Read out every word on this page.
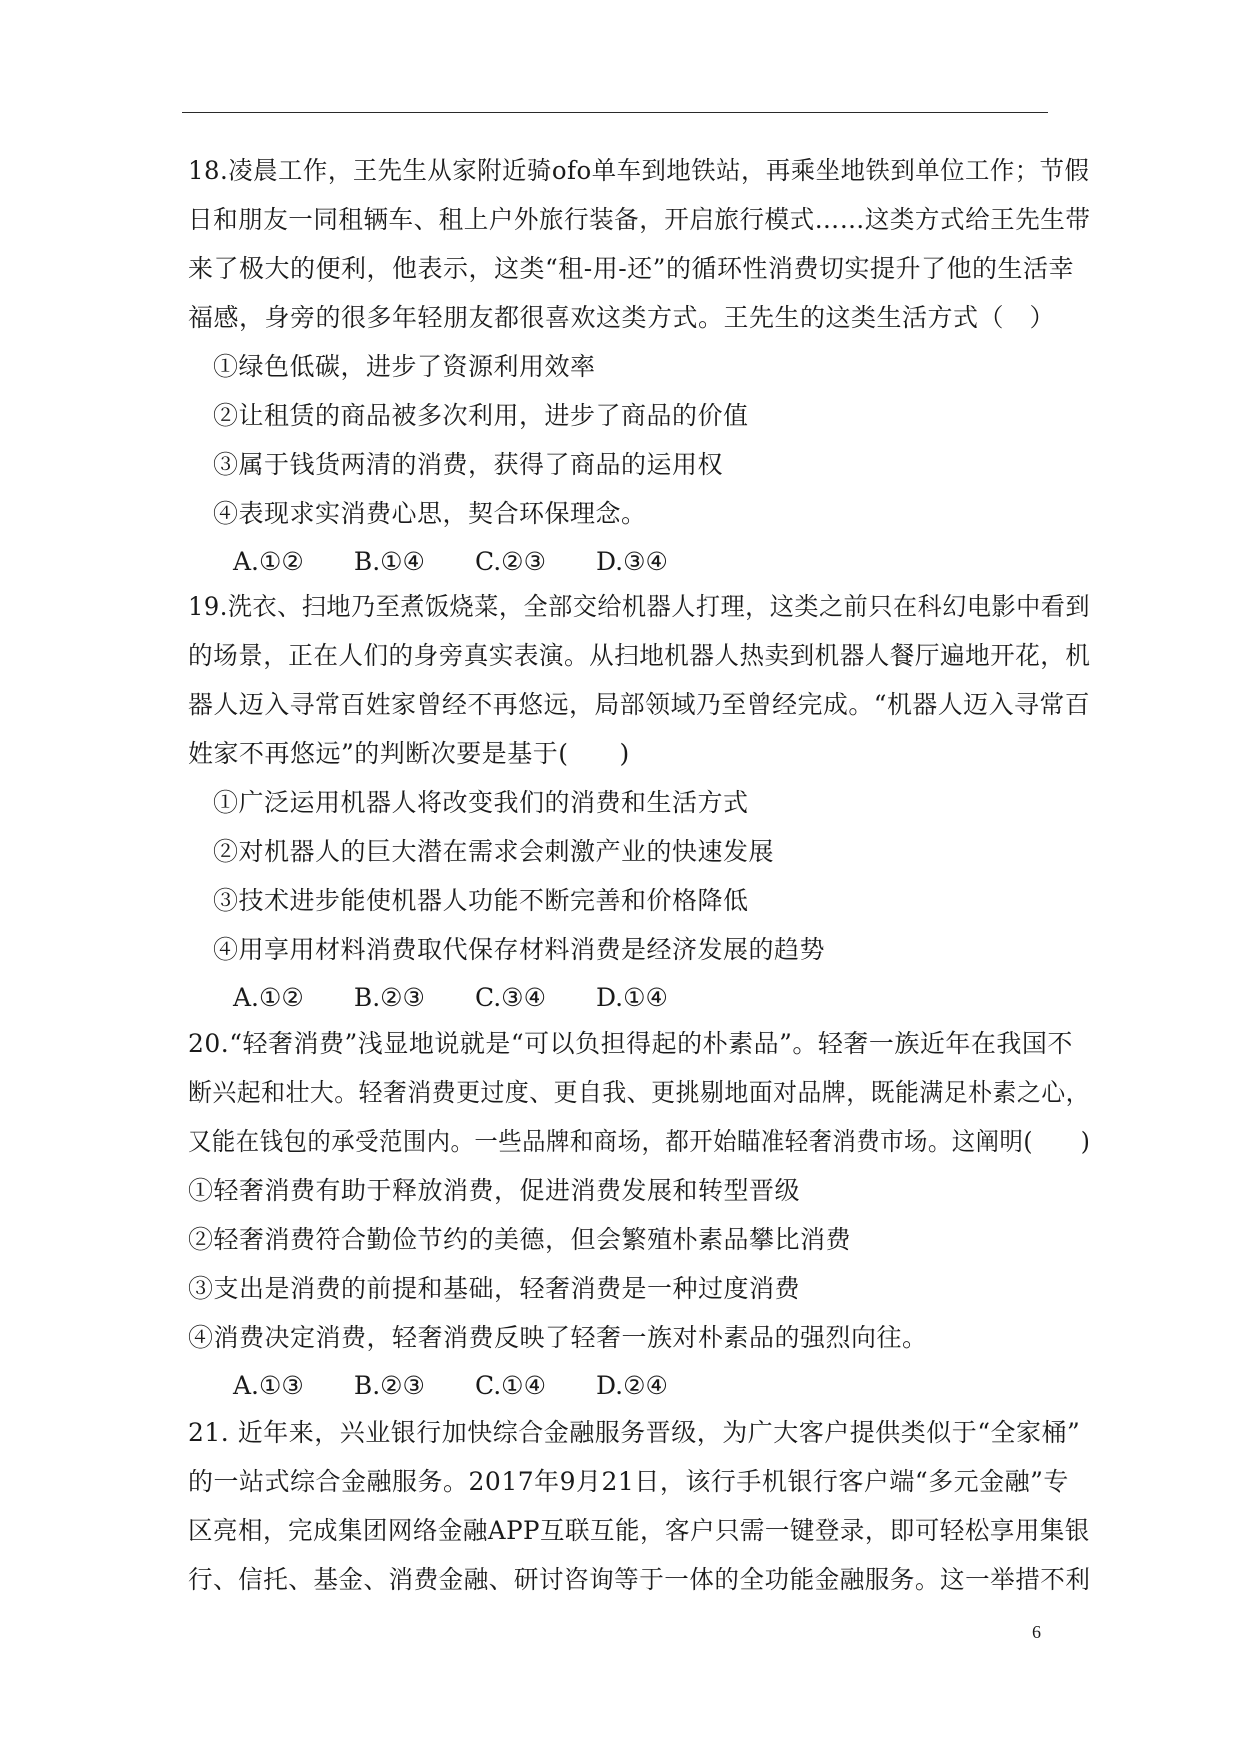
18.凌晨工作，王先生从家附近骑ofo单车到地铁站，再乘坐地铁到单位工作；节假
日和朋友一同租辆车、租上户外旅行装备，开启旅行模式……这类方式给王先生带
来了极大的便利，他表示，这类“租-用-还”的循环性消费切实提升了他的生活幸
福感，身旁的很多年轻朋友都很喜欢这类方式。王先生的这类生活方式（　）
①绿色低碳，进步了资源利用效率
②让租赁的商品被多次利用，进步了商品的价值
③属于钱货两清的消费，获得了商品的运用权
④表现求实消费心思，契合环保理念。
A.①② B.①④ C.②③ D.③④
19.洗衣、扫地乃至煮饭烧菜，全部交给机器人打理，这类之前只在科幻电影中看到
的场景，正在人们的身旁真实表演。从扫地机器人热卖到机器人餐厅遍地开花，机
器人迈入寻常百姓家曾经不再悠远，局部领域乃至曾经完成。“机器人迈入寻常百
姓家不再悠远”的判断次要是基于(　　)
①广泛运用机器人将改变我们的消费和生活方式
②对机器人的巨大潜在需求会刺激产业的快速发展
③技术进步能使机器人功能不断完善和价格降低
④用享用材料消费取代保存材料消费是经济发展的趋势
A.①② B.②③ C.③④ D.①④
20.“轻奢消费”浅显地说就是“可以负担得起的朴素品”。轻奢一族近年在我国不
断兴起和壮大。轻奢消费更过度、更自我、更挑剔地面对品牌，既能满足朴素之心，
又能在钱包的承受范围内。一些品牌和商场，都开始瞄准轻奢消费市场。这阐明(　　)
①轻奢消费有助于释放消费，促进消费发展和转型晋级
②轻奢消费符合勤俭节约的美德，但会繁殖朴素品攀比消费
③支出是消费的前提和基础，轻奢消费是一种过度消费
④消费决定消费，轻奢消费反映了轻奢一族对朴素品的强烈向往。
A.①③ B.②③ C.①④ D.②④
21. 近年来，兴业银行加快综合金融服务晋级，为广大客户提供类似于“全家桶”
的一站式综合金融服务。2017年9月21日，该行手机银行客户端“多元金融”专
区亮相，完成集团网络金融APP互联互能，客户只需一键登录，即可轻松享用集银
行、信托、基金、消费金融、研讨咨询等于一体的全功能金融服务。这一举措不利
6
